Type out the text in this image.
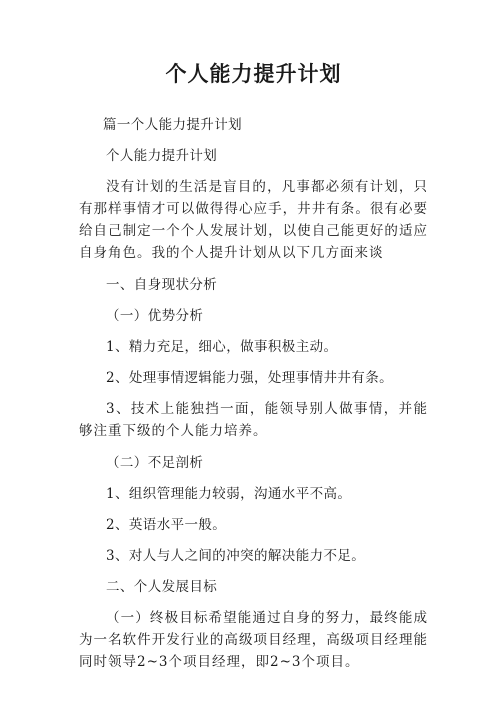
个人能力提升计划

篇一个人能力提升计划

个人能力提升计划

没有计划的生活是盲目的，凡事都必须有计划，只有那样事情才可以做得得心应手，井井有条。很有必要给自己制定一个个人发展计划，以使自己能更好的适应自身角色。我的个人提升计划从以下几方面来谈

一、自身现状分析

（一）优势分析

1、精力充足，细心，做事积极主动。

2、处理事情逻辑能力强，处理事情井井有条。

3、技术上能独挡一面，能领导别人做事情，并能够注重下级的个人能力培养。

（二）不足剖析

1、组织管理能力较弱，沟通水平不高。

2、英语水平一般。

3、对人与人之间的冲突的解决能力不足。

二、个人发展目标

（一）终极目标希望能通过自身的努力，最终能成为一名软件开发行业的高级项目经理，高级项目经理能同时领导2~3个项目经理，即2~3个项目。
